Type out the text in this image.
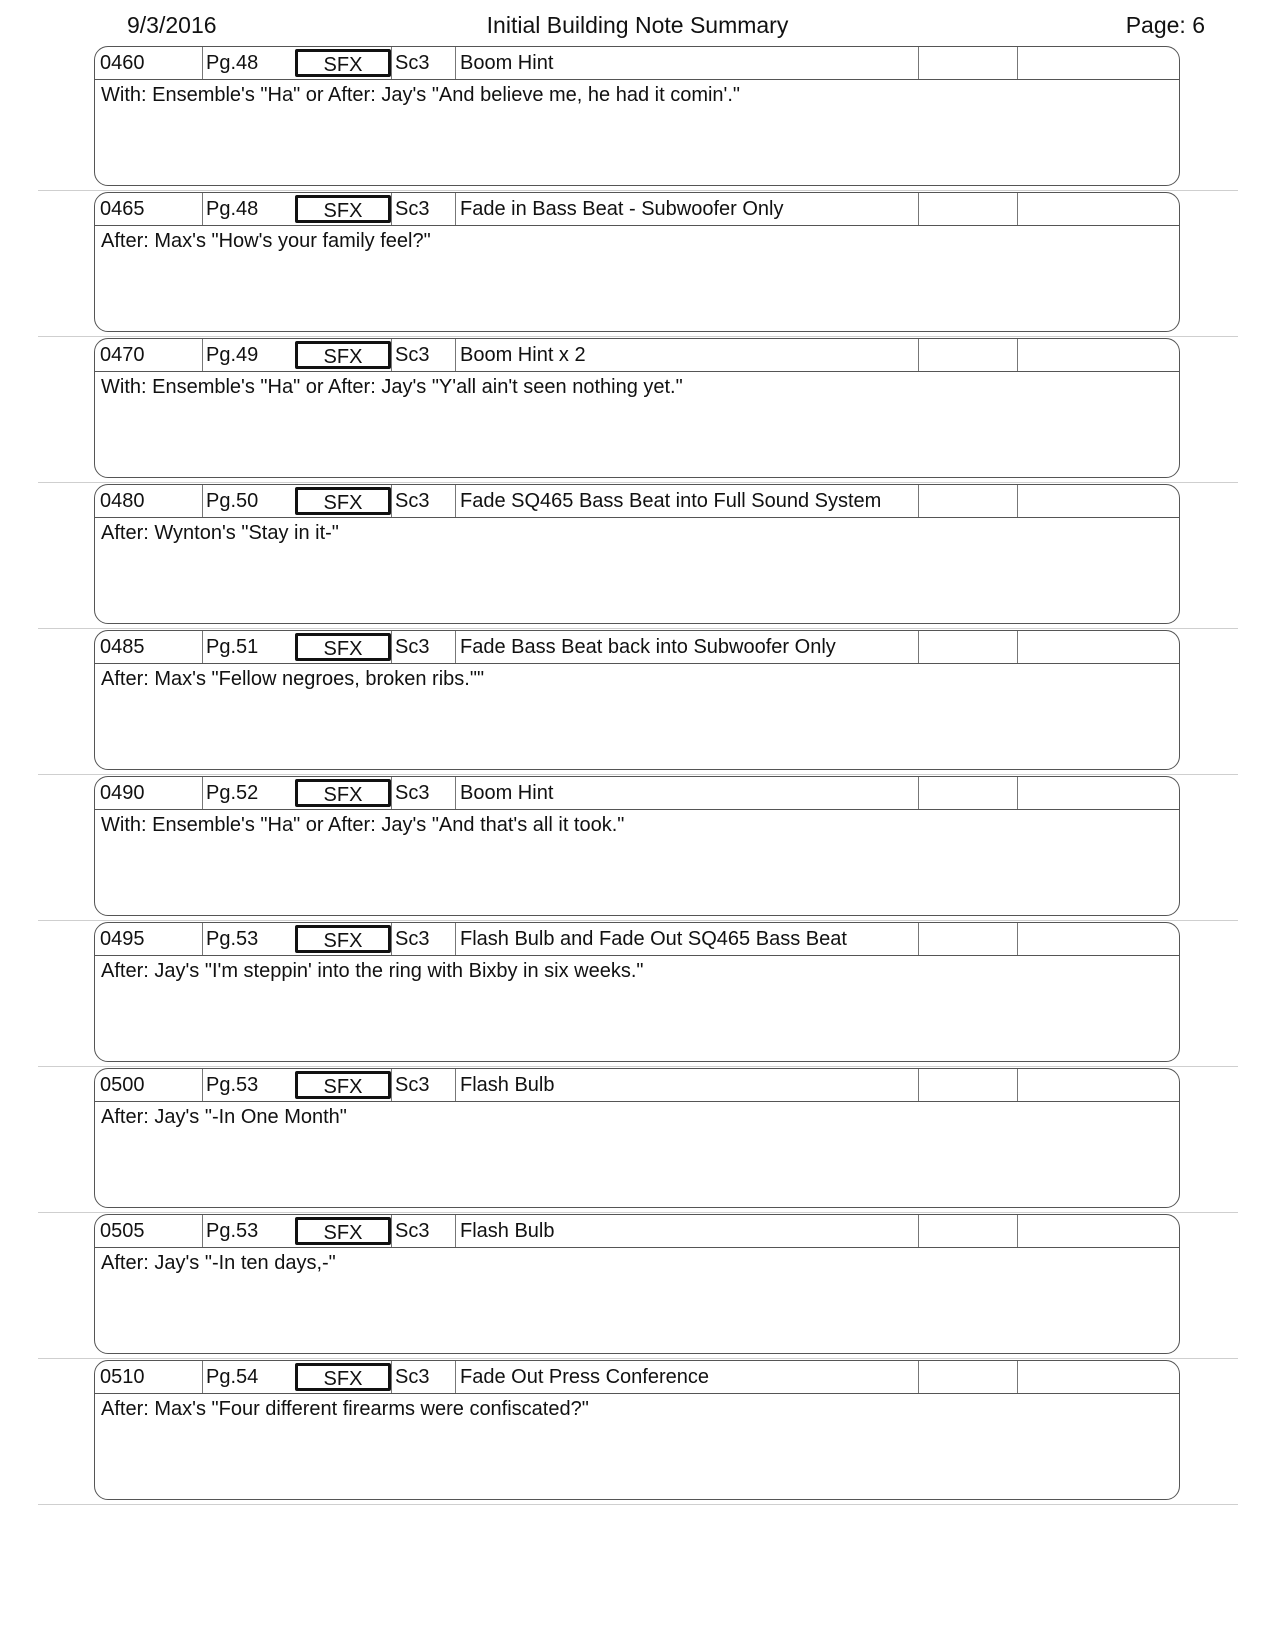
9/3/2016	Initial Building Note Summary	Page: 6
0460	Pg.48	SFX	Sc3	Boom Hint
With: Ensemble's "Ha" or After: Jay's "And believe me, he had it comin'."
0465	Pg.48	SFX	Sc3	Fade in Bass Beat - Subwoofer Only
After: Max's "How's your family feel?"
0470	Pg.49	SFX	Sc3	Boom Hint x 2
With: Ensemble's "Ha" or After: Jay's "Y'all ain't seen nothing yet."
0480	Pg.50	SFX	Sc3	Fade SQ465 Bass Beat into Full Sound System
After: Wynton's "Stay in it-"
0485	Pg.51	SFX	Sc3	Fade Bass Beat back into Subwoofer Only
After: Max's "Fellow negroes, broken ribs.""
0490	Pg.52	SFX	Sc3	Boom Hint
With: Ensemble's "Ha" or After: Jay's "And that's all it took."
0495	Pg.53	SFX	Sc3	Flash Bulb and Fade Out SQ465 Bass Beat
After: Jay's "I'm steppin' into the ring with Bixby in six weeks."
0500	Pg.53	SFX	Sc3	Flash Bulb
After: Jay's "-In One Month"
0505	Pg.53	SFX	Sc3	Flash Bulb
After: Jay's "-In ten days,-"
0510	Pg.54	SFX	Sc3	Fade Out Press Conference
After: Max's "Four different firearms were confiscated?"
